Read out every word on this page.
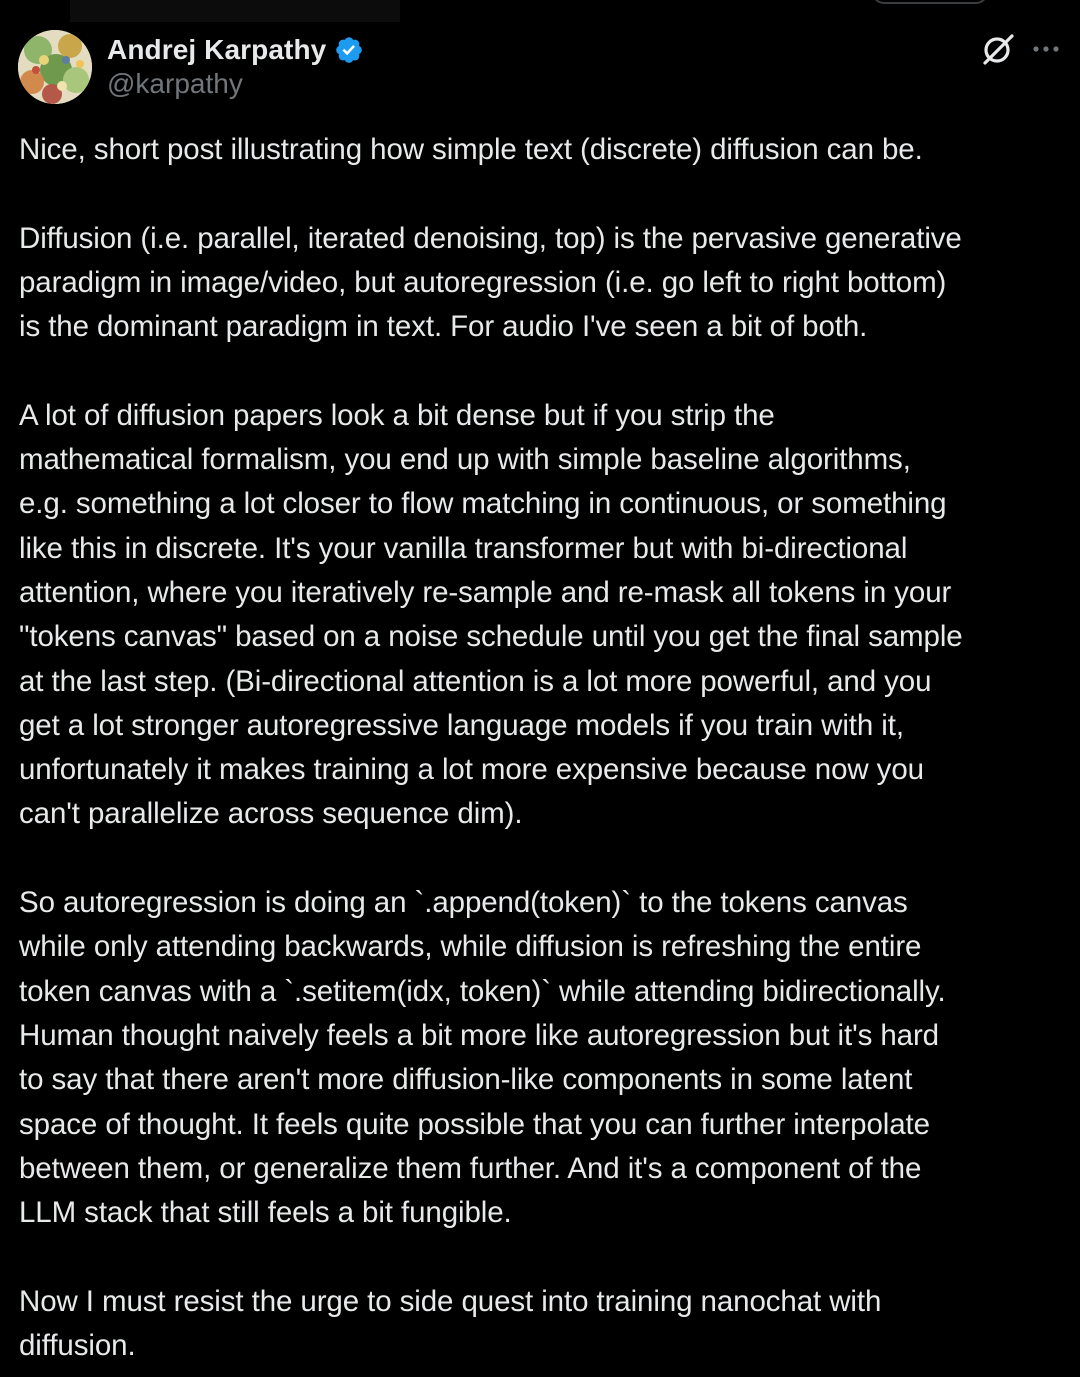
Andrej Karpathy
@karpathy

Nice, short post illustrating how simple text (discrete) diffusion can be.

Diffusion (i.e. parallel, iterated denoising, top) is the pervasive generative
paradigm in image/video, but autoregression (i.e. go left to right bottom)
is the dominant paradigm in text. For audio I've seen a bit of both.

A lot of diffusion papers look a bit dense but if you strip the
mathematical formalism, you end up with simple baseline algorithms,
e.g. something a lot closer to flow matching in continuous, or something
like this in discrete. It's your vanilla transformer but with bi-directional
attention, where you iteratively re-sample and re-mask all tokens in your
"tokens canvas" based on a noise schedule until you get the final sample
at the last step. (Bi-directional attention is a lot more powerful, and you
get a lot stronger autoregressive language models if you train with it,
unfortunately it makes training a lot more expensive because now you
can't parallelize across sequence dim).

So autoregression is doing an `.append(token)` to the tokens canvas
while only attending backwards, while diffusion is refreshing the entire
token canvas with a `.setitem(idx, token)` while attending bidirectionally.
Human thought naively feels a bit more like autoregression but it's hard
to say that there aren't more diffusion-like components in some latent
space of thought. It feels quite possible that you can further interpolate
between them, or generalize them further. And it's a component of the
LLM stack that still feels a bit fungible.

Now I must resist the urge to side quest into training nanochat with
diffusion.
